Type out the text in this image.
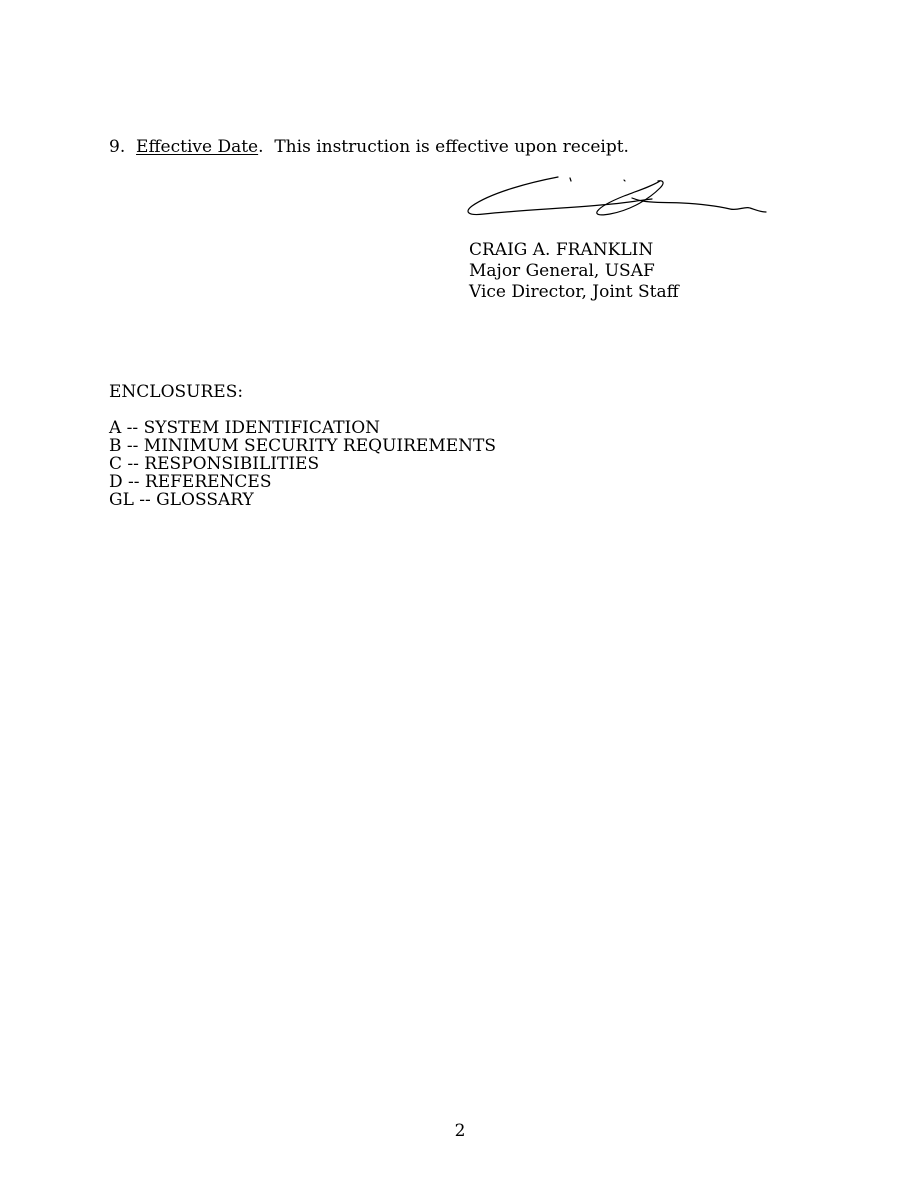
9. Effective Date. This instruction is effective upon receipt.
CRAIG A. FRANKLIN
Major General, USAF
Vice Director, Joint Staff
ENCLOSURES:
A -- SYSTEM IDENTIFICATION
B -- MINIMUM SECURITY REQUIREMENTS
C -- RESPONSIBILITIES
D -- REFERENCES
GL -- GLOSSARY
2
